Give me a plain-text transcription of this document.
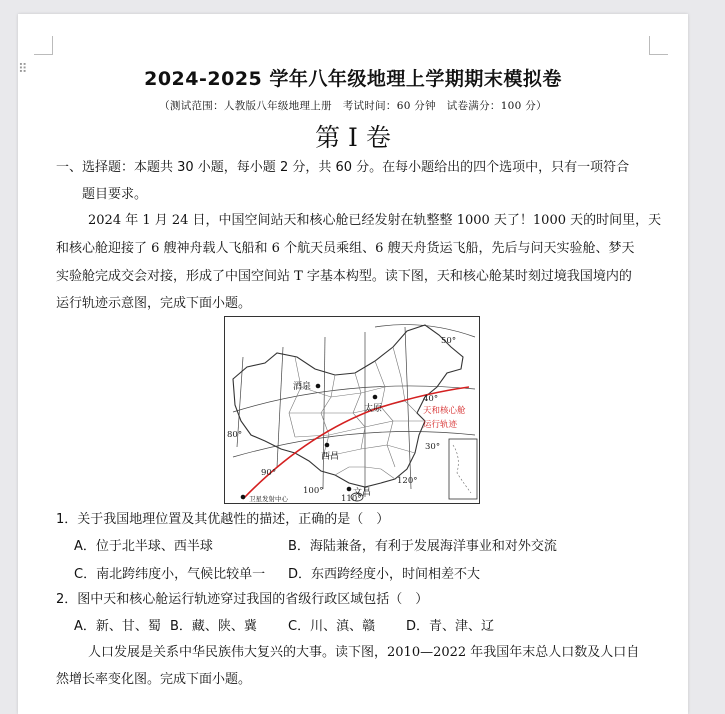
⠿	2024-2025 学年八年级地理上学期期末模拟卷
（测试范围：人教版八年级地理上册　考试时间：60 分钟　试卷满分：100 分）
第 I 卷
一、选择题：本题共 30 小题，每小题 2 分，共 60 分。在每小题给出的四个选项中，只有一项符合
题目要求。
2024 年 1 月 24 日，中国空间站天和核心舱已经发射在轨整整 1000 天了！1000 天的时间里，天
和核心舱迎接了 6 艘神舟载人飞船和 6 个航天员乘组、6 艘天舟货运飞船，先后与问天实验舱、梦天
实验舱完成交会对接，形成了中国空间站 T 字基本构型。读下图，天和核心舱某时刻过境我国境内的
运行轨迹示意图，完成下面小题。
酒泉
太原
西昌
文昌
卫星发射中心
天和核心舱
运行轨迹
50°
40°
30°
80°
90°
100°
110°
120°
1．关于我国地理位置及其优越性的描述，正确的是（　）
A．位于北半球、西半球	B．海陆兼备，有利于发展海洋事业和对外交流
C．南北跨纬度小，气候比较单一 D．东西跨经度小，时间相差不大
2．图中天和核心舱运行轨迹穿过我国的省级行政区域包括（　）
A．新、甘、蜀 B．藏、陕、冀 C．川、滇、赣 D．青、津、辽
人口发展是关系中华民族伟大复兴的大事。读下图，2010—2022 年我国年末总人口数及人口自
然增长率变化图。完成下面小题。
